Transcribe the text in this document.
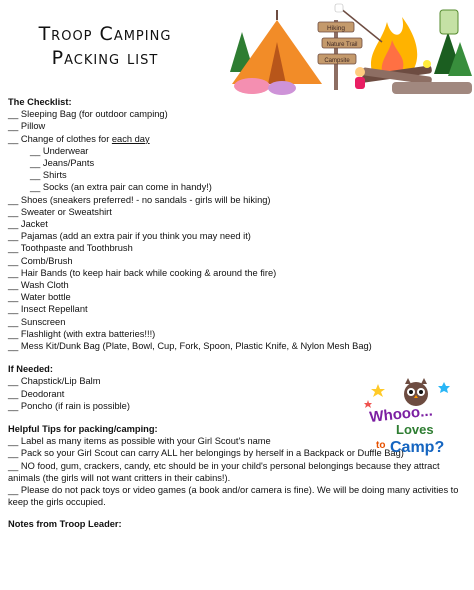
Troop Camping
Packing list
Hiking
Nature Trail
Campsite
The Checklist:
__ Sleeping Bag (for outdoor camping)
__ Pillow
__ Change of clothes for each day
__ Underwear
__ Jeans/Pants
__ Shirts
__ Socks (an extra pair can come in handy!)
__ Shoes (sneakers preferred! - no sandals - girls will be hiking)
__ Sweater or Sweatshirt
__ Jacket
__ Pajamas (add an extra pair if you think you may need it)
__ Toothpaste and Toothbrush
__ Comb/Brush
__ Hair Bands (to keep hair back while cooking & around the fire)
__ Wash Cloth
__ Water bottle
__ Insect Repellant
__ Sunscreen
__ Flashlight (with extra batteries!!!)
__ Mess Kit/Dunk Bag (Plate, Bowl, Cup, Fork, Spoon, Plastic Knife, & Nylon Mesh Bag)
If Needed:
__ Chapstick/Lip Balm
__ Deodorant
__ Poncho (if rain is possible)
Helpful Tips for packing/camping:
__ Label as many items as possible with your Girl Scout's name
__ Pack so your Girl Scout can carry ALL her belongings by herself in a Backpack or Duffle Bag)
__ NO food, gum, crackers, candy, etc should be in your child's personal belongings because they attract animals (the girls will not want critters in their cabins!).
__ Please do not pack toys or video games (a book and/or camera is fine). We will be doing many activities to keep the girls occupied.
Notes from Troop Leader:
Whooo...
Loves
to Camp?
